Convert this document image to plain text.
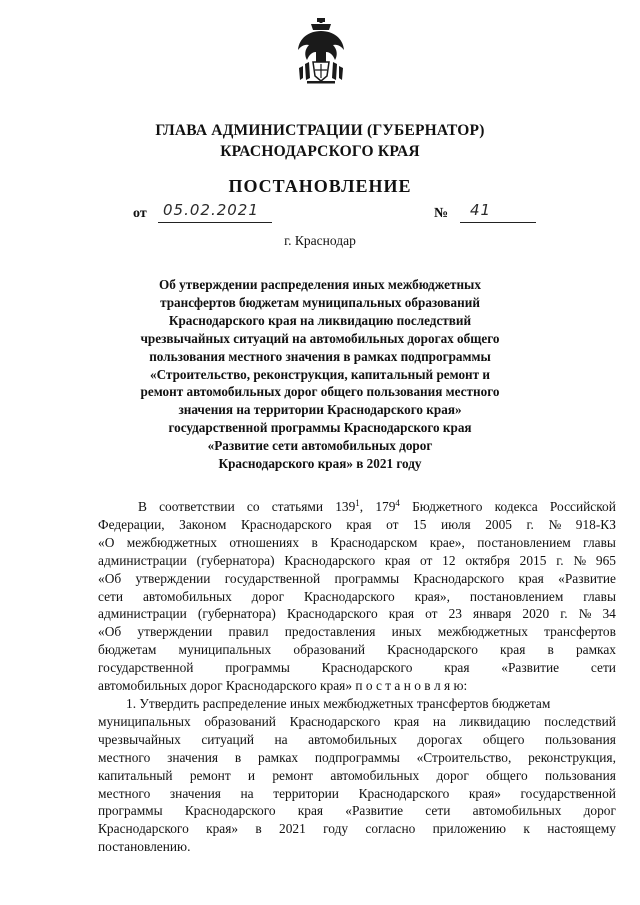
ГЛАВА АДМИНИСТРАЦИИ (ГУБЕРНАТОР)
КРАСНОДАРСКОГО КРАЯ
ПОСТАНОВЛЕНИЕ
от 05.02.2021	№ 41
г. Краснодар
Об утверждении распределения иных межбюджетных
трансфертов бюджетам муниципальных образований
Краснодарского края на ликвидацию последствий
чрезвычайных ситуаций на автомобильных дорогах общего
пользования местного значения в рамках подпрограммы
«Строительство, реконструкция, капитальный ремонт и
ремонт автомобильных дорог общего пользования местного
значения на территории Краснодарского края»
государственной программы Краснодарского края
«Развитие сети автомобильных дорог
Краснодарского края» в 2021 году
В соответствии со статьями $139^1$, $179^4$ Бюджетного кодекса Российской
Федерации, Законом Краснодарского края от 15 июля 2005 г. № 918-КЗ
«О межбюджетных отношениях в Краснодарском крае», постановлением главы
администрации (губернатора) Краснодарского края от 12 октября 2015 г. № 965
«Об утверждении государственной программы Краснодарского края «Развитие
сети автомобильных дорог Краснодарского края», постановлением главы
администрации (губернатора) Краснодарского края от 23 января 2020 г. № 34
«Об утверждении правил предоставления иных межбюджетных трансфертов
бюджетам муниципальных образований Краснодарского края в рамках
государственной программы Краснодарского края «Развитие сети
автомобильных дорог Краснодарского края» п о с т а н о в л я ю:
1. Утвердить распределение иных межбюджетных трансфертов бюджетам
муниципальных образований Краснодарского края на ликвидацию последствий
чрезвычайных ситуаций на автомобильных дорогах общего пользования
местного значения в рамках подпрограммы «Строительство, реконструкция,
капитальный ремонт и ремонт автомобильных дорог общего пользования
местного значения на территории Краснодарского края» государственной
программы Краснодарского края «Развитие сети автомобильных дорог
Краснодарского края» в 2021 году согласно приложению к настоящему
постановлению.
